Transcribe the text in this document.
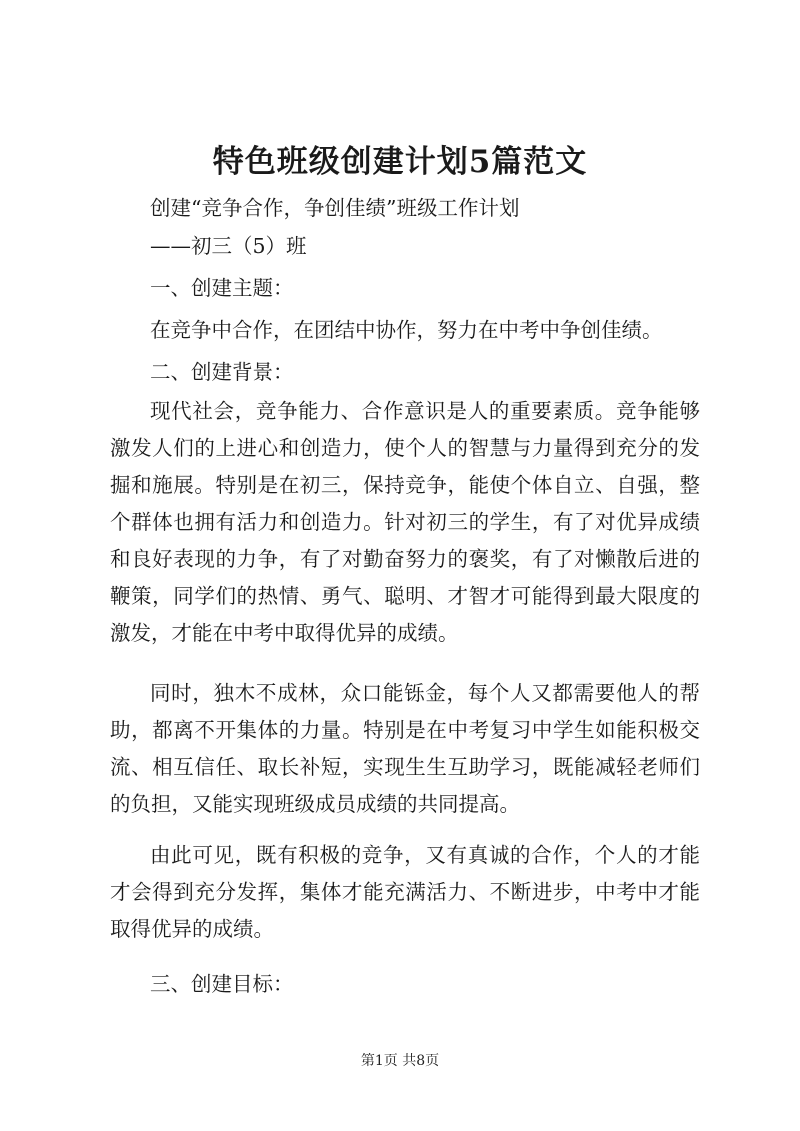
特色班级创建计划5篇范文
创建“竞争合作，争创佳绩”班级工作计划
——初三（5）班
一、创建主题：
在竞争中合作，在团结中协作，努力在中考中争创佳绩。
二、创建背景：
现代社会，竞争能力、合作意识是人的重要素质。竞争能够
激发人们的上进心和创造力，使个人的智慧与力量得到充分的发
掘和施展。特别是在初三，保持竞争，能使个体自立、自强，整
个群体也拥有活力和创造力。针对初三的学生，有了对优异成绩
和良好表现的力争，有了对勤奋努力的褒奖，有了对懒散后进的
鞭策，同学们的热情、勇气、聪明、才智才可能得到最大限度的
激发，才能在中考中取得优异的成绩。
同时，独木不成林，众口能铄金，每个人又都需要他人的帮
助，都离不开集体的力量。特别是在中考复习中学生如能积极交
流、相互信任、取长补短，实现生生互助学习，既能减轻老师们
的负担，又能实现班级成员成绩的共同提高。
由此可见，既有积极的竞争，又有真诚的合作，个人的才能
才会得到充分发挥，集体才能充满活力、不断进步，中考中才能
取得优异的成绩。
三、创建目标：
第1页 共8页
